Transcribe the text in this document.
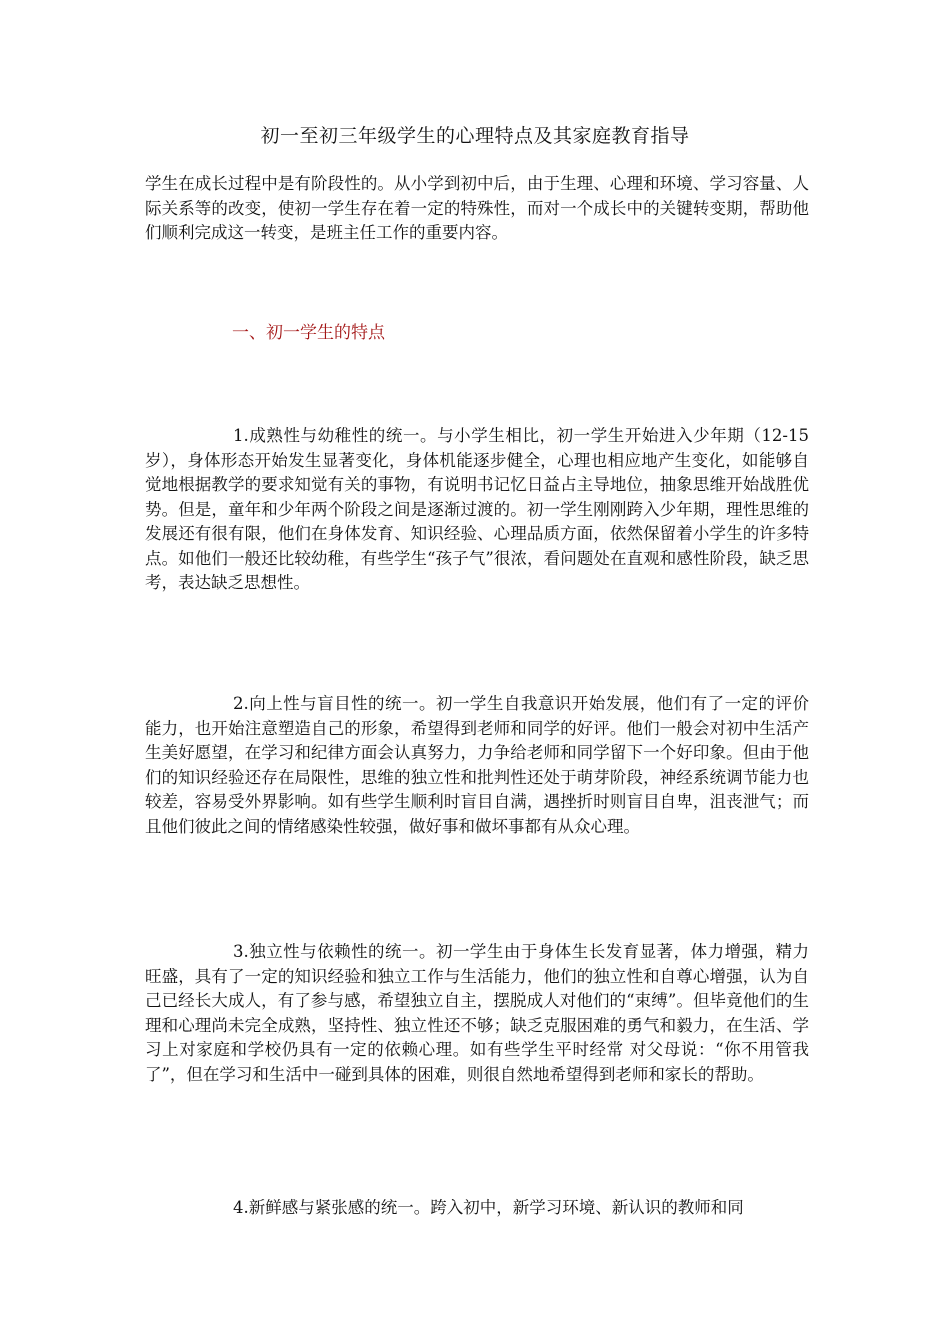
初一至初三年级学生的心理特点及其家庭教育指导

学生在成长过程中是有阶段性的。从小学到初中后，由于生理、心理和环境、学习容量、人际关系等的改变，使初一学生存在着一定的特殊性，而对一个成长中的关键转变期，帮助他们顺利完成这一转变，是班主任工作的重要内容。

一、初一学生的特点

1.成熟性与幼稚性的统一。与小学生相比，初一学生开始进入少年期（12-15岁），身体形态开始发生显著变化，身体机能逐步健全，心理也相应地产生变化，如能够自觉地根据教学的要求知觉有关的事物，有说明书记忆日益占主导地位，抽象思维开始战胜优势。但是，童年和少年两个阶段之间是逐渐过渡的。初一学生刚刚跨入少年期，理性思维的发展还有很有限，他们在身体发育、知识经验、心理品质方面，依然保留着小学生的许多特点。如他们一般还比较幼稚，有些学生“孩子气”很浓，看问题处在直观和感性阶段，缺乏思考，表达缺乏思想性。

2.向上性与盲目性的统一。初一学生自我意识开始发展，他们有了一定的评价能力，也开始注意塑造自己的形象，希望得到老师和同学的好评。他们一般会对初中生活产生美好愿望，在学习和纪律方面会认真努力，力争给老师和同学留下一个好印象。但由于他们的知识经验还存在局限性，思维的独立性和批判性还处于萌芽阶段，神经系统调节能力也较差，容易受外界影响。如有些学生顺利时盲目自满，遇挫折时则盲目自卑，沮丧泄气；而且他们彼此之间的情绪感染性较强，做好事和做坏事都有从众心理。

3.独立性与依赖性的统一。初一学生由于身体生长发育显著，体力增强，精力旺盛，具有了一定的知识经验和独立工作与生活能力，他们的独立性和自尊心增强，认为自己已经长大成人，有了参与感，希望独立自主，摆脱成人对他们的“束缚”。但毕竟他们的生理和心理尚未完全成熟，坚持性、独立性还不够；缺乏克服困难的勇气和毅力，在生活、学习上对家庭和学校仍具有一定的依赖心理。如有些学生平时经常 对父母说：“你不用管我了”，但在学习和生活中一碰到具体的困难，则很自然地希望得到老师和家长的帮助。

4.新鲜感与紧张感的统一。跨入初中，新学习环境、新认识的教师和同
